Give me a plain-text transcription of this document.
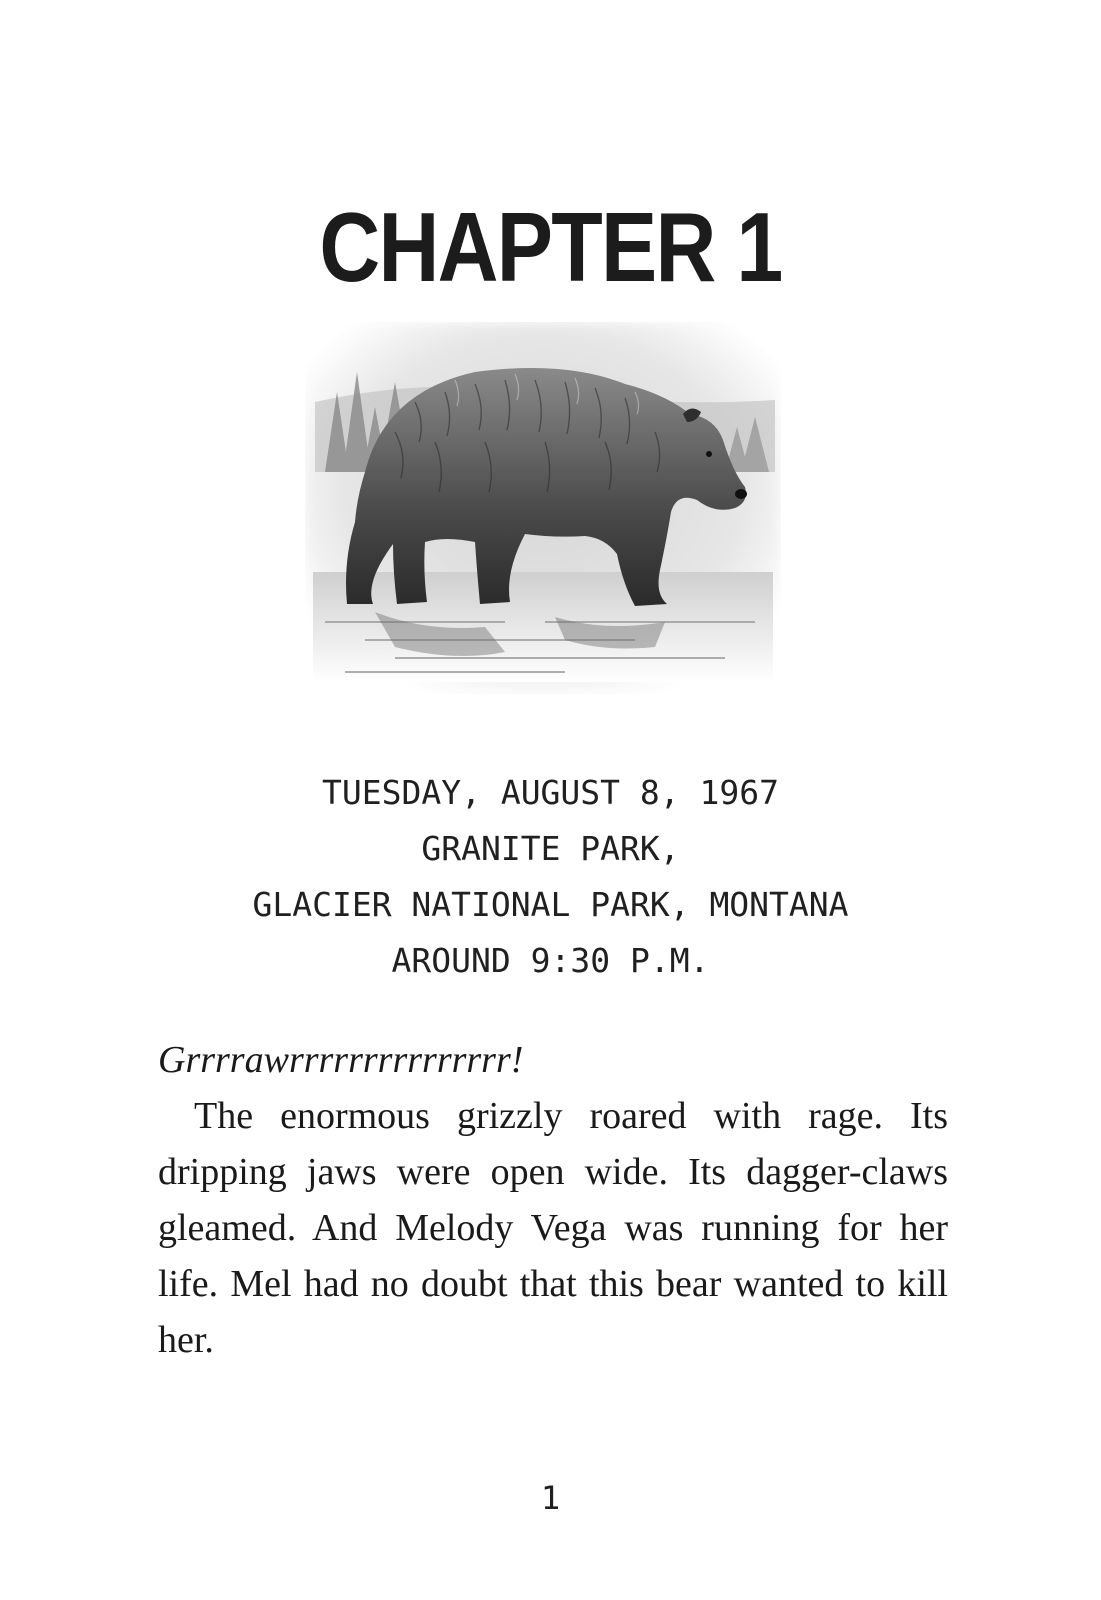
CHAPTER 1
TUESDAY, AUGUST 8, 1967
GRANITE PARK,
GLACIER NATIONAL PARK, MONTANA
AROUND 9:30 P.M.

Grrrrawrrrrrrrrrrrrrrr!

The enormous grizzly roared with rage. Its dripping jaws were open wide. Its dagger-claws gleamed. And Melody Vega was running for her life. Mel had no doubt that this bear wanted to kill her.

1
